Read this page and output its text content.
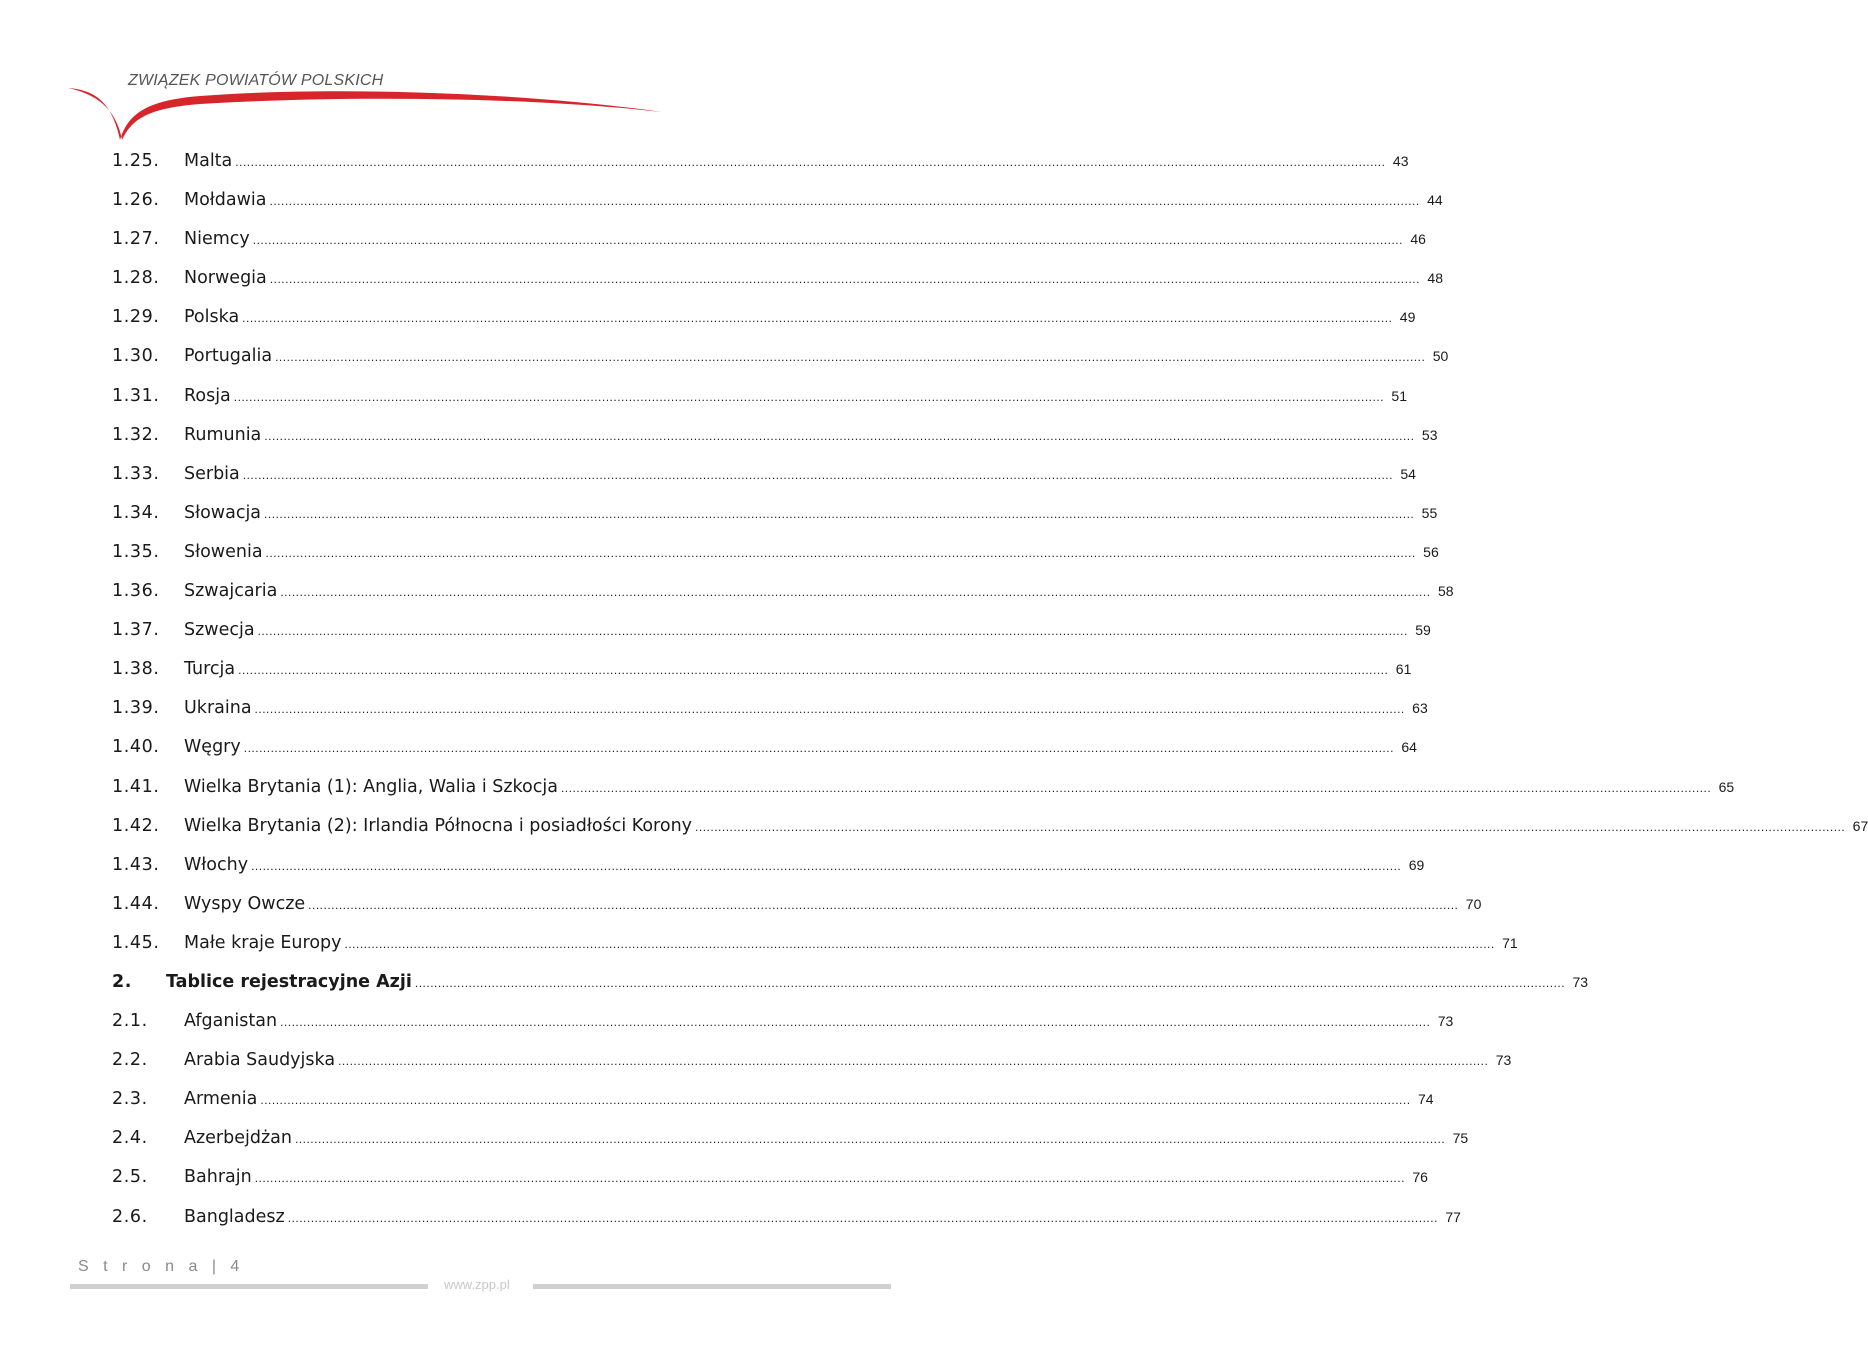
ZWIĄZEK POWIATÓW POLSKICH
1.25.	Malta ............................................................................................................................................................................................................................................................................................................ 43
1.26.	Mołdawia ............................................................................................................................................................................................................................................................................................................ 44
1.27.	Niemcy ............................................................................................................................................................................................................................................................................................................ 46
1.28.	Norwegia ............................................................................................................................................................................................................................................................................................................ 48
1.29.	Polska ............................................................................................................................................................................................................................................................................................................ 49
1.30.	Portugalia ............................................................................................................................................................................................................................................................................................................ 50
1.31.	Rosja ............................................................................................................................................................................................................................................................................................................ 51
1.32.	Rumunia ............................................................................................................................................................................................................................................................................................................ 53
1.33.	Serbia ............................................................................................................................................................................................................................................................................................................ 54
1.34.	Słowacja ............................................................................................................................................................................................................................................................................................................ 55
1.35.	Słowenia ............................................................................................................................................................................................................................................................................................................ 56
1.36.	Szwajcaria ............................................................................................................................................................................................................................................................................................................ 58
1.37.	Szwecja ............................................................................................................................................................................................................................................................................................................ 59
1.38.	Turcja ............................................................................................................................................................................................................................................................................................................ 61
1.39.	Ukraina ............................................................................................................................................................................................................................................................................................................ 63
1.40.	Węgry ............................................................................................................................................................................................................................................................................................................ 64
1.41.	Wielka Brytania (1): Anglia, Walia i Szkocja ............................................................................................................................................................................................................................................................................................................ 65
1.42.	Wielka Brytania (2): Irlandia Północna i posiadłości Korony ............................................................................................................................................................................................................................................................................................................ 67
1.43.	Włochy ............................................................................................................................................................................................................................................................................................................ 69
1.44.	Wyspy Owcze ............................................................................................................................................................................................................................................................................................................ 70
1.45.	Małe kraje Europy ............................................................................................................................................................................................................................................................................................................ 71
2.	Tablice rejestracyjne Azji ............................................................................................................................................................................................................................................................................................................ 73
2.1.	Afganistan ............................................................................................................................................................................................................................................................................................................ 73
2.2.	Arabia Saudyjska ............................................................................................................................................................................................................................................................................................................ 73
2.3.	Armenia ............................................................................................................................................................................................................................................................................................................ 74
2.4.	Azerbejdżan ............................................................................................................................................................................................................................................................................................................ 75
2.5.	Bahrajn ............................................................................................................................................................................................................................................................................................................ 76
2.6.	Bangladesz ............................................................................................................................................................................................................................................................................................................ 77
S t r o n a | 4
www.zpp.pl
